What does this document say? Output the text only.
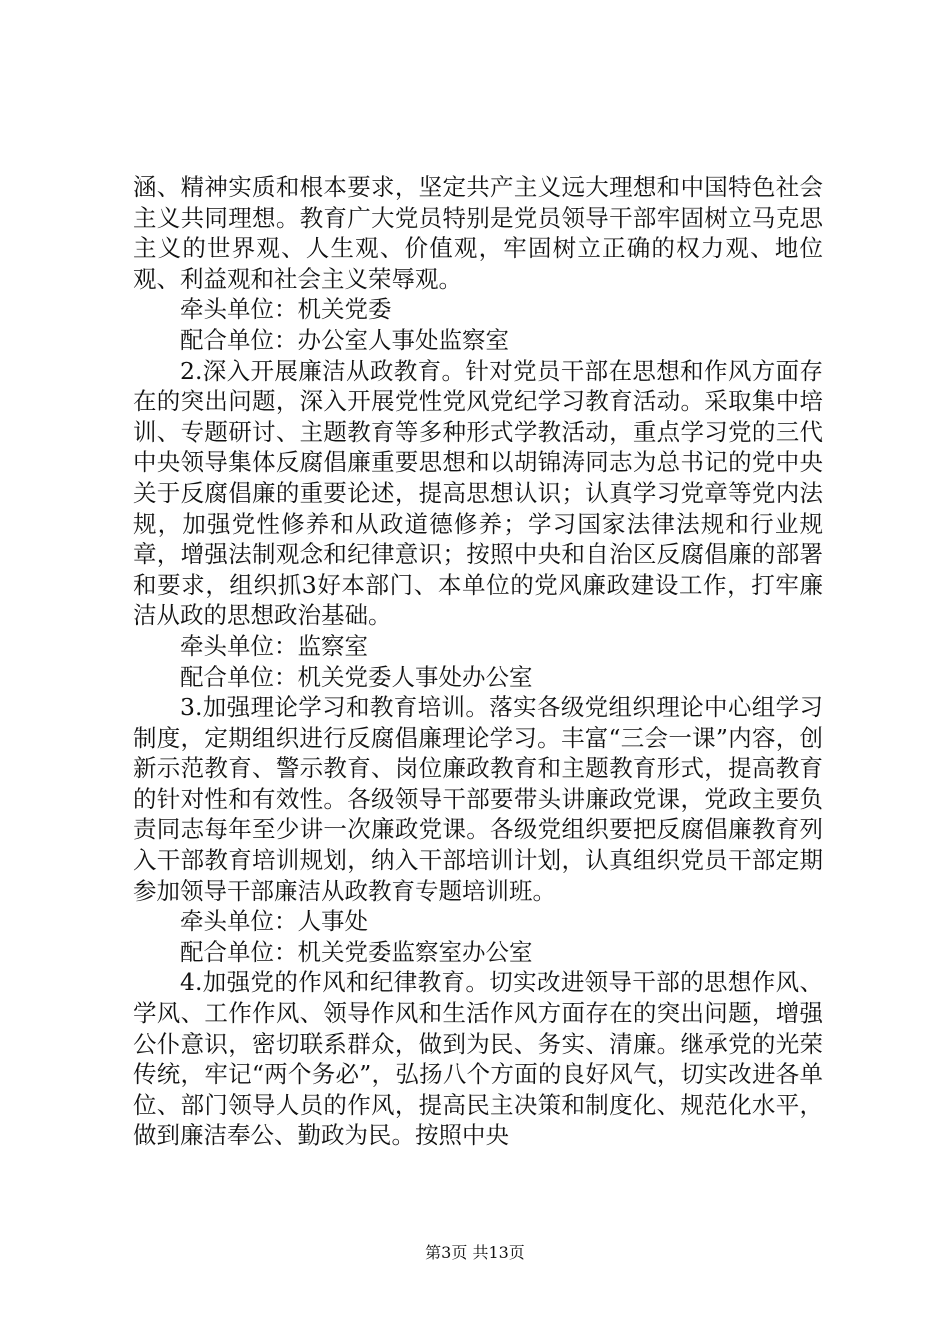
涵、精神实质和根本要求，坚定共产主义远大理想和中国特色社会主义共同理想。教育广大党员特别是党员领导干部牢固树立马克思主义的世界观、人生观、价值观，牢固树立正确的权力观、地位观、利益观和社会主义荣辱观。

牵头单位：机关党委

配合单位：办公室人事处监察室

2.深入开展廉洁从政教育。针对党员干部在思想和作风方面存在的突出问题，深入开展党性党风党纪学习教育活动。采取集中培训、专题研讨、主题教育等多种形式学教活动，重点学习党的三代中央领导集体反腐倡廉重要思想和以胡锦涛同志为总书记的党中央关于反腐倡廉的重要论述，提高思想认识；认真学习党章等党内法规，加强党性修养和从政道德修养；学习国家法律法规和行业规章，增强法制观念和纪律意识；按照中央和自治区反腐倡廉的部署和要求，组织抓3好本部门、本单位的党风廉政建设工作，打牢廉洁从政的思想政治基础。

牵头单位：监察室

配合单位：机关党委人事处办公室

3.加强理论学习和教育培训。落实各级党组织理论中心组学习制度，定期组织进行反腐倡廉理论学习。丰富“三会一课”内容，创新示范教育、警示教育、岗位廉政教育和主题教育形式，提高教育的针对性和有效性。各级领导干部要带头讲廉政党课，党政主要负责同志每年至少讲一次廉政党课。各级党组织要把反腐倡廉教育列入干部教育培训规划，纳入干部培训计划，认真组织党员干部定期参加领导干部廉洁从政教育专题培训班。

牵头单位：人事处

配合单位：机关党委监察室办公室

4.加强党的作风和纪律教育。切实改进领导干部的思想作风、学风、工作作风、领导作风和生活作风方面存在的突出问题，增强公仆意识，密切联系群众，做到为民、务实、清廉。继承党的光荣传统，牢记“两个务必”，弘扬八个方面的良好风气，切实改进各单位、部门领导人员的作风，提高民主决策和制度化、规范化水平，做到廉洁奉公、勤政为民。按照中央

第3页 共13页
